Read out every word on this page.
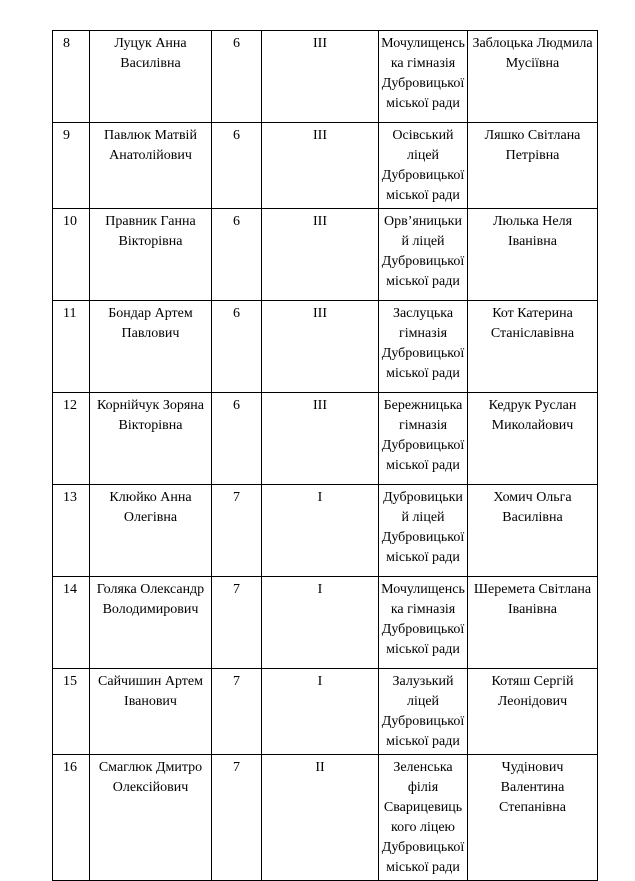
8	Луцук Анна Василівна	6	III	Мочулищенська гімназія Дубровицької міської ради	Заблоцька Людмила Мусіївна
9	Павлюк Матвій Анатолійович	6	III	Осівський ліцей Дубровицької міської ради	Ляшко Світлана Петрівна
10	Правник Ганна Вікторівна	6	III	Орв’яницький ліцей Дубровицької міської ради	Люлька Неля Іванівна
11	Бондар Артем Павлович	6	III	Заслуцька гімназія Дубровицької міської ради	Кот Катерина Станіславівна
12	Корнійчук Зоряна Вікторівна	6	III	Бережницька гімназія Дубровицької міської ради	Кедрук Руслан Миколайович
13	Клюйко Анна Олегівна	7	I	Дубровицький ліцей Дубровицької міської ради	Хомич Ольга Василівна
14	Голяка Олександр Володимирович	7	I	Мочулищенська гімназія Дубровицької міської ради	Шеремета Світлана Іванівна
15	Сайчишин Артем Іванович	7	I	Залузький ліцей Дубровицької міської ради	Котяш Сергій Леонідович
16	Смаглюк Дмитро Олексійович	7	II	Зеленська філія Сварицевицького ліцею Дубровицької міської ради	Чудінович Валентина Степанівна
